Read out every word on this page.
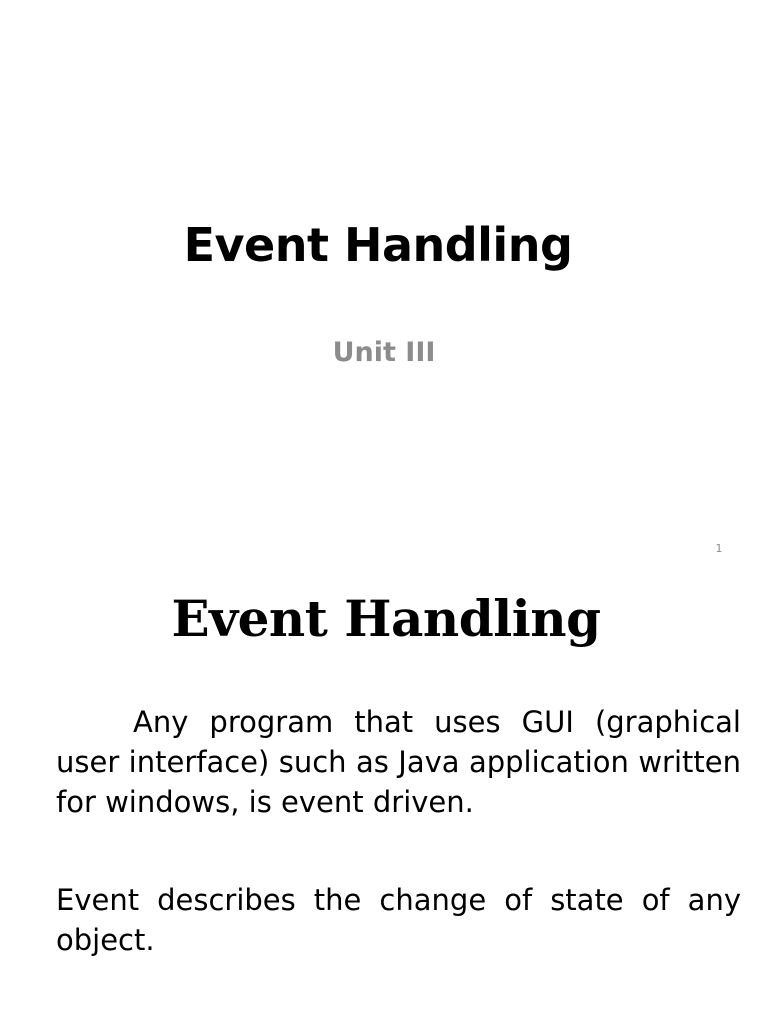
Event Handling
Unit III
1
Event Handling

Any program that uses GUI (graphical user interface) such as Java application written for windows, is event driven.

Event describes the change of state of any object.
